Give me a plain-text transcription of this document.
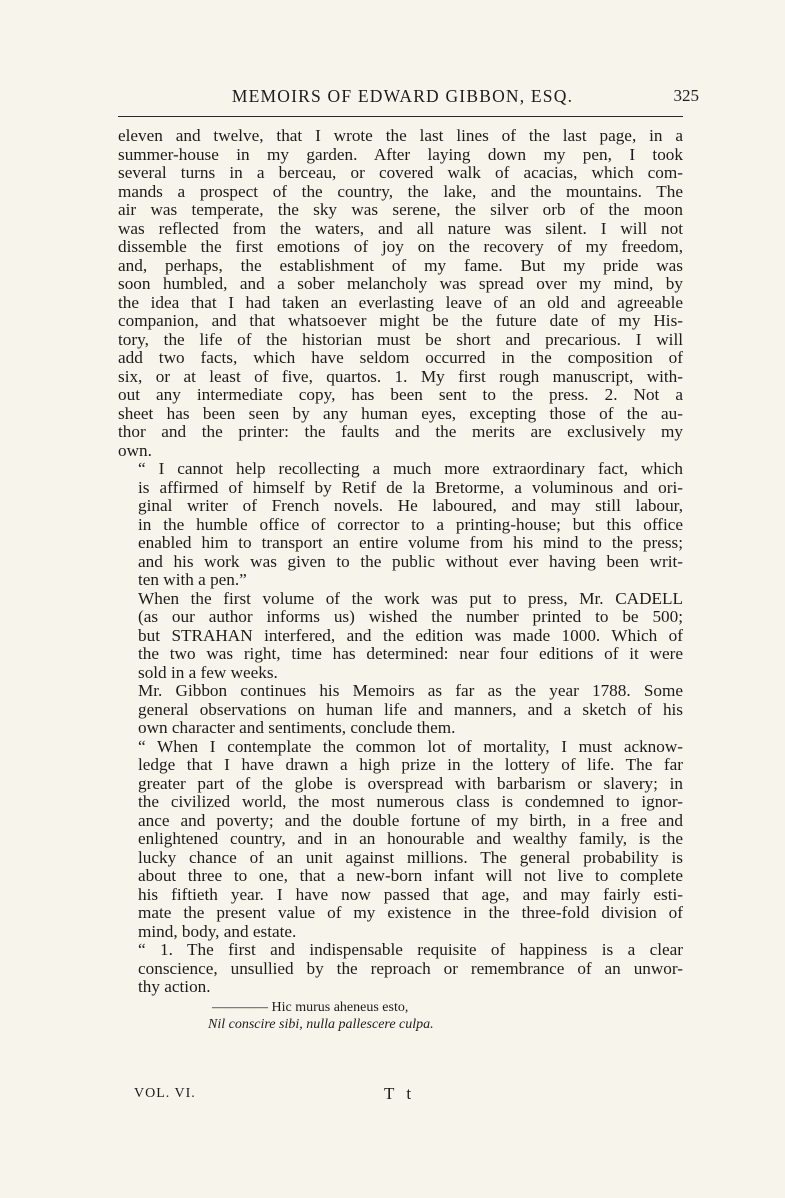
MEMOIRS OF EDWARD GIBBON, ESQ.	325

eleven and twelve, that I wrote the last lines of the last page, in a
summer-house in my garden. After laying down my pen, I took
several turns in a berceau, or covered walk of acacias, which com-
mands a prospect of the country, the lake, and the mountains. The
air was temperate, the sky was serene, the silver orb of the moon
was reflected from the waters, and all nature was silent. I will not
dissemble the first emotions of joy on the recovery of my freedom,
and, perhaps, the establishment of my fame. But my pride was
soon humbled, and a sober melancholy was spread over my mind, by
the idea that I had taken an everlasting leave of an old and agreeable
companion, and that whatsoever might be the future date of my His-
tory, the life of the historian must be short and precarious. I will
add two facts, which have seldom occurred in the composition of
six, or at least of five, quartos. 1. My first rough manuscript, with-
out any intermediate copy, has been sent to the press. 2. Not a
sheet has been seen by any human eyes, excepting those of the au-
thor and the printer: the faults and the merits are exclusively my
own.

“ I cannot help recollecting a much more extraordinary fact, which
is affirmed of himself by Retif de la Bretorme, a voluminous and ori-
ginal writer of French novels. He laboured, and may still labour,
in the humble office of corrector to a printing-house; but this office
enabled him to transport an entire volume from his mind to the press;
and his work was given to the public without ever having been writ-
ten with a pen.”

When the first volume of the work was put to press, Mr. CADELL
(as our author informs us) wished the number printed to be 500;
but STRAHAN interfered, and the edition was made 1000. Which of
the two was right, time has determined: near four editions of it were
sold in a few weeks.

Mr. Gibbon continues his Memoirs as far as the year 1788. Some
general observations on human life and manners, and a sketch of his
own character and sentiments, conclude them.

“ When I contemplate the common lot of mortality, I must acknow-
ledge that I have drawn a high prize in the lottery of life. The far
greater part of the globe is overspread with barbarism or slavery; in
the civilized world, the most numerous class is condemned to ignor-
ance and poverty; and the double fortune of my birth, in a free and
enlightened country, and in an honourable and wealthy family, is the
lucky chance of an unit against millions. The general probability is
about three to one, that a new-born infant will not live to complete
his fiftieth year. I have now passed that age, and may fairly esti-
mate the present value of my existence in the three-fold division of
mind, body, and estate.

“ 1. The first and indispensable requisite of happiness is a clear
conscience, unsullied by the reproach or remembrance of an unwor-
thy action.

———— Hic murus aheneus esto,
Nil conscire sibi, nulla pallescere culpa.
VOL. VI.	T t
